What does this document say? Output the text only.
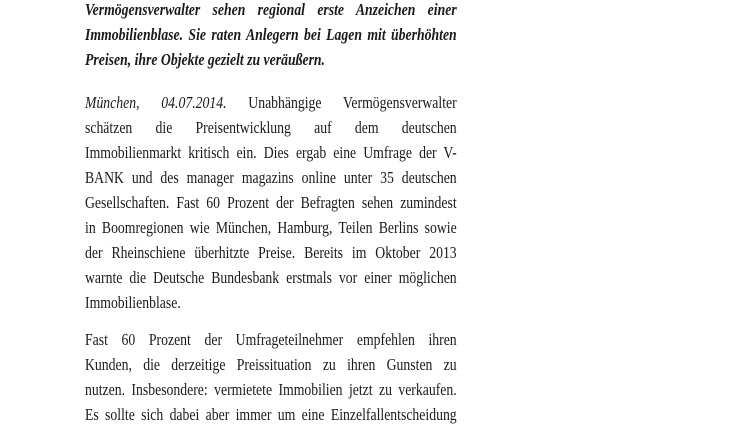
Vermögensverwalter sehen regional erste Anzeichen einer
Immobilienblase. Sie raten Anlegern bei Lagen mit überhöhten
Preisen, ihre Objekte gezielt zu veräußern.
München, 04.07.2014. Unabhängige Vermögensverwalter
schätzen die Preisentwicklung auf dem deutschen
Immobilienmarkt kritisch ein. Dies ergab eine Umfrage der V-
BANK und des manager magazins online unter 35 deutschen
Gesellschaften. Fast 60 Prozent der Befragten sehen zumindest
in Boomregionen wie München, Hamburg, Teilen Berlins sowie
der Rheinschiene überhitzte Preise. Bereits im Oktober 2013
warnte die Deutsche Bundesbank erstmals vor einer möglichen
Immobilienblase.
Fast 60 Prozent der Umfrageteilnehmer empfehlen ihren
Kunden, die derzeitige Preissituation zu ihren Gunsten zu
nutzen. Insbesondere: vermietete Immobilien jetzt zu verkaufen.
Es sollte sich dabei aber immer um eine Einzelfallentscheidung
